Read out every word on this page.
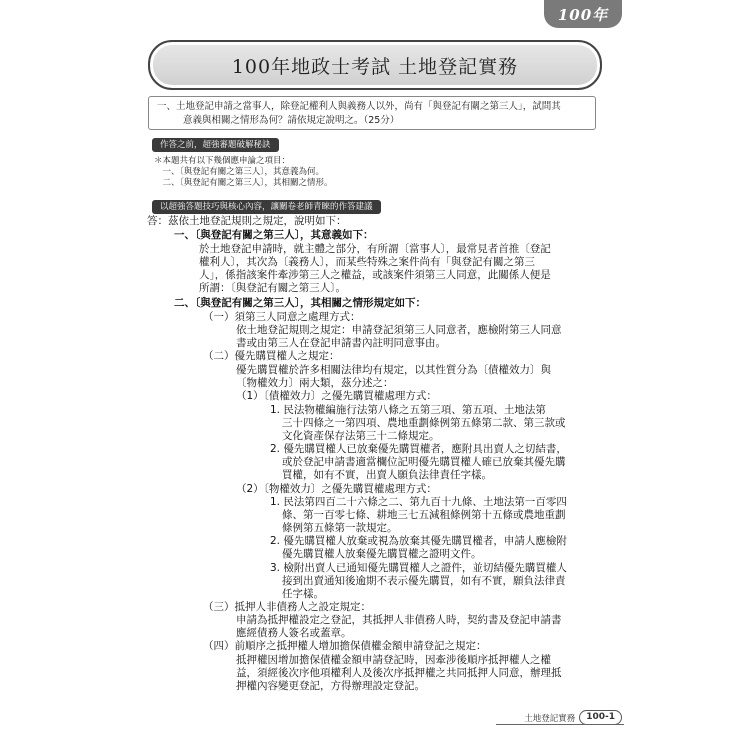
100年
100年地政士考試 土地登記實務
一、土地登記申請之當事人，除登記權利人與義務人以外，尚有「與登記有關之第三人」，試問其
意義與相關之情形為何？請依規定說明之。（25分）
作答之前，超強審題破解秘訣
＊本題共有以下幾個應申論之項目：
　一、〔與登記有關之第三人〕，其意義為何。
　二、〔與登記有關之第三人〕，其相關之情形。
以超強答題技巧與核心內容，讓關卷老師青睞的作答建議
答：茲依土地登記規則之規定，說明如下：
一、〔與登記有關之第三人〕，其意義如下：
於土地登記申請時，就主體之部分，有所謂〔當事人〕，最常見者首推〔登記
權利人〕，其次為〔義務人〕，而某些特殊之案件尚有「與登記有關之第三
人」，係指該案件牽涉第三人之權益，或該案件須第三人同意，此關係人便是
所謂：〔與登記有關之第三人〕。
二、〔與登記有關之第三人〕，其相關之情形規定如下：
（一）須第三人同意之處理方式：
依土地登記規則之規定：申請登記須第三人同意者，應檢附第三人同意
書或由第三人在登記申請書內註明同意事由。
（二）優先購買權人之規定：
優先購買權於許多相關法律均有規定，以其性質分為〔債權效力〕與
〔物權效力〕兩大類，茲分述之：
（1）〔債權效力〕之優先購買權處理方式：
1. 民法物權編施行法第八條之五第三項、第五項、土地法第
三十四條之一第四項、農地重劃條例第五條第二款、第三款或
文化資產保存法第三十二條規定。
2. 優先購買權人已放棄優先購買權者，應附具出賣人之切結書，
或於登記申請書適當欄位記明優先購買權人確已放棄其優先購
買權，如有不實，出賣人願負法律責任字樣。
（2）〔物權效力〕之優先購買權處理方式：
1. 民法第四百二十六條之二、第九百十九條、土地法第一百零四
條、第一百零七條、耕地三七五減租條例第十五條或農地重劃
條例第五條第一款規定。
2. 優先購買權人放棄或視為放棄其優先購買權者，申請人應檢附
優先購買權人放棄優先購買權之證明文件。
3. 檢附出賣人已通知優先購買權人之證件，並切結優先購買權人
接到出賣通知後逾期不表示優先購買，如有不實，願負法律責
任字樣。
（三）抵押人非債務人之設定規定：
申請為抵押權設定之登記，其抵押人非債務人時，契約書及登記申請書
應經債務人簽名或蓋章。
（四）前順序之抵押權人增加擔保債權金額申請登記之規定：
抵押權因增加擔保債權金額申請登記時，因牽涉後順序抵押權人之權
益，須經後次序他項權利人及後次序抵押權之共同抵押人同意，辦理抵
押權內容變更登記，方得辦理設定登記。
土地登記實務	100-1
